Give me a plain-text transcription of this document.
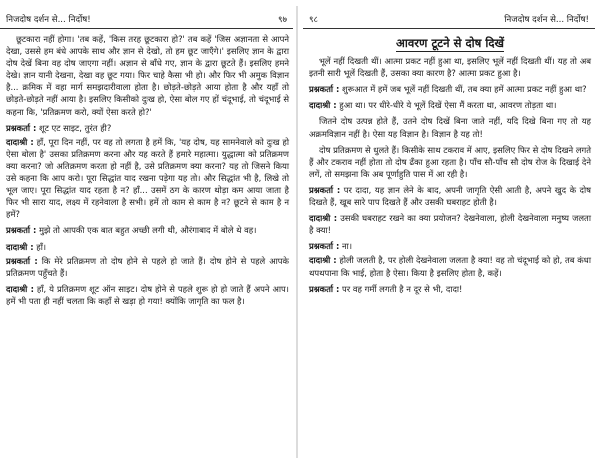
निजदोष दर्शन से... निर्दोष!	९७

छूटकारा नहीं होगा। 'तब कहें, 'किस तरह छूटकारा हो?' तब कहें 'जिस अज्ञानता से आपने देखा, उससे हम बंधे आपके साथ और ज्ञान से देखो, तो हम छूट जाएँगे।' इसलिए ज्ञान के द्वारा दोष देखें बिना वह दोष जाएगा नहीं। अज्ञान से बाँधे गए, ज्ञान के द्वारा छूटते हैं। इसलिए हमने देखे। ज्ञान यानी देखना, देखा वह छूट गया। फिर चाहे कैसा भी हो। और फिर भी अमुक विज्ञान है... क्रमिक में वहा मार्ग समझदारीवाला होता है। छोड़ते-छोड़ते आया होता है और यहाँ तो छोड़ते-छोड़ते नहीं आया है। इसलिए किसीको दुःख हो, ऐसा बोल गए हों चंदूभाई, तो चंदूभाई से कहना कि, 'प्रतिक्रमण करो, क्यों ऐसा करते हो?'

प्रश्नकर्ता : शूट एट साइट, तुरंत ही?

दादाश्री : हाँ, पूरा दिन नहीं, पर वह तो लगता है हमें कि, 'यह दोष, यह सामनेवाले को दुःख हो ऐसा बोला है' उसका प्रतिक्रमण करना और यह करते हैं हमारे महात्मा। युद्धात्मा को प्रतिक्रमण क्या करना? जो अतिक्रमण करता हो नहीं है, उसे प्रतिक्रमण क्या करना? यह तो जिसने किया उसे कहना कि आप करो। पूरा सिद्धांत याद रखना पड़ेगा यह तो। और सिद्धांत भी है, लिखे तो भूल जाए। पूरा सिद्धांत याद रहता है न? हाँ... उसमें ठग के कारण थोड़ा कम आया जाता है फिर भी सारा याद, लक्ष्य में रहनेवाला है सभी। हमें तो काम से काम है न? छूटने से काम है न हमें?

प्रश्नकर्ता : मुझे तो आपकी एक बात बहुत अच्छी लगी थी, औरंगाबाद में बोले थे वह।

दादाश्री : हाँ।

प्रश्नकर्ता : कि मेरे प्रतिक्रमण तो दोष होने से पहले हो जाते हैं। दोष होने से पहले आपके प्रतिक्रमण पहुँचते हैं।

दादाश्री : हाँ, ये प्रतिक्रमण शूट ऑन साइट। दोष होने से पहले शुरू हो हो जाते हैं अपने आप। हमें भी पता ही नहीं चलता कि कहाँ से खड़ा हो गया! क्योंकि जागृति का फल है।

९८	निजदोष दर्शन से... निर्दोष!
आवरण टूटने से दोष दिखें

भूलें नहीं दिखती थीं। आत्मा प्रकट नहीं हुआ था, इसलिए भूलें नहीं दिखती थीं। यह तो अब इतनी सारी भूलें दिखती हैं, उसका क्या कारण है? आत्मा प्रकट हुआ है।

प्रश्नकर्ता : शुरूआत में हमें जब भूलें नहीं दिखती थीं, तब क्या हमें आत्मा प्रकट नहीं हुआ था?

दादाश्री : हुआ था। पर धीरे-धीरे ये भूलें दिखें ऐसा मैं करता था, आवरण तोड़ता था।

जितने दोष उत्पन्न होते हैं, उतने दोष दिखें बिना जाते नहीं, यदि दिखे बिना गए तो यह अक्रमविज्ञान नहीं है। ऐसा यह विज्ञान है। विज्ञान है यह तो!

दोष प्रतिक्रमण से धुलते हैं। किसीके साथ टकराव में आए, इसलिए फिर से दोष दिखने लगते हैं और टकराव नहीं होता तो दोष ढँका हुआ रहता है। पाँच सौ-पाँच सौ दोष रोज के दिखाई देने लगें, तो समझना कि अब पूर्णाहुति पास में आ रही है।

प्रश्नकर्ता : पर दादा, यह ज्ञान लेने के बाद, अपनी जागृति ऐसी आती है, अपने खुद के दोष दिखते हैं, खूब सारे पाप दिखते हैं और उसकी घबराहट होती है।

दादाश्री : उसकी घबराहट रखने का क्या प्रयोजन? देखनेवाला, होली देखनेवाला मनुष्य जलता है क्या!

प्रश्नकर्ता : ना।

दादाश्री : होली जलती है, पर होली देखनेवाला जलता है क्या! वह तो चंदूभाई को हो, तब कंधा थपथपाना कि भाई, होता है ऐसा। किया है इसलिए होता है, कहें।

प्रश्नकर्ता : पर वह गर्मी लगती है न दूर से भी, दादा!
